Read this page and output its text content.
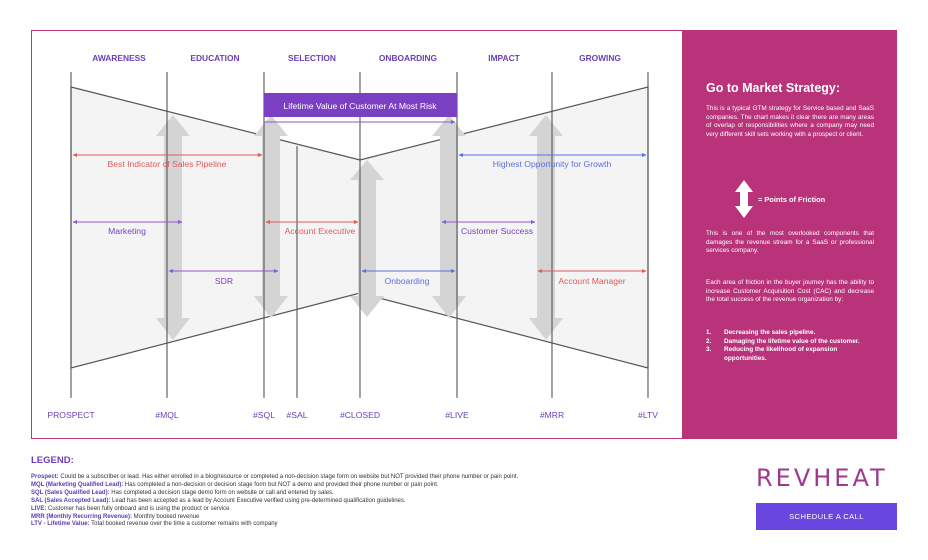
Lifetime Value of Customer At Most Risk
Best Indicator of Sales Pipeline	Highest Opportunity for Growth
Marketing	Account Executive	Customer Success
SDR	Onboarding	Account Manager
AWARENESS	EDUCATION	SELECTION	ONBOARDING	IMPACT	GROWING
PROSPECT	#MQL	#SQL #SAL	#CLOSED	#LIVE	#MRR	#LTV
Go to Market Strategy:

This is a typical GTM strategy for Service based and SaaS companies. The chart makes it clear there are many areas of overlap of responsibilities where a company may need very different skill sets working with a prospect or client.

= Points of Friction

This is one of the most overlooked components that damages the revenue stream for a SaaS or professional services company.

Each area of friction in the buyer journey has the ability to increase Customer Acquisition Cost (CAC) and decrease the total success of the revenue organization by:

1.	Decreasing the sales pipeline.
2.	Damaging the lifetime value of the customer.
3.	Reducing the likelihood of expansion opportunities.
LEGEND:
Prospect: Could be a subscriber or lead. Has either enrolled in a blog/resource or completed a non-decision stage form on website but NOT provided their phone number or pain point.
MQL (Marketing Qualified Lead): Has completed a non-decision or decision stage form but NOT a demo and provided their phone number or pain point.
SQL (Sales Qualified Lead): Has completed a decision stage demo form on website or call and entered by sales.
SAL (Sales Accepted Lead): Lead has been accepted as a lead by Account Executive verified using pre-determined qualification guidelines.
LIVE: Customer has been fully onboard and is using the product or service
MRR (Monthly Recurring Revenue): Monthly booked revenue
LTV - Lifetime Value: Total booked revenue over the time a customer remains with company
REVHEAT
SCHEDULE A CALL
